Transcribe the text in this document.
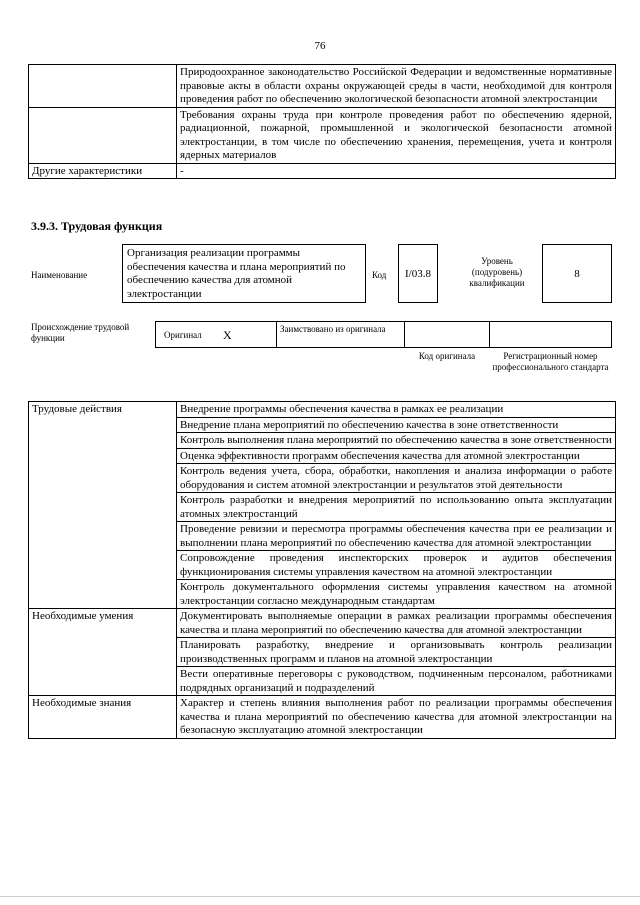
76
	Природоохранное законодательство Российской Федерации и ведомственные нормативные правовые акты в области охраны окружающей среды в части, необходимой для контроля проведения работ по обеспечению экологической безопасности атомной электростанции
	Требования охраны труда при контроле проведения работ по обеспечению ядерной, радиационной, пожарной, промышленной и экологической безопасности атомной электростанции, в том числе по обеспечению хранения, перемещения, учета и контроля ядерных материалов
Другие характеристики	-
3.9.3. Трудовая функция
Наименование
Организация реализации программы обеспечения качества и плана мероприятий по обеспечению качества для атомной электростанции
Код I/03.8
Уровень (подуровень) квалификации
8
Происхождение трудовой функции	Оригинал X	Заимствовано из оригинала
Код оригинала	Регистрационный номер профессионального стандарта
Трудовые действия	Внедрение программы обеспечения качества в рамках ее реализации
	Внедрение плана мероприятий по обеспечению качества в зоне ответственности
	Контроль выполнения плана мероприятий по обеспечению качества в зоне ответственности
	Оценка эффективности программ обеспечения качества для атомной электростанции
	Контроль ведения учета, сбора, обработки, накопления и анализа информации о работе оборудования и систем атомной электростанции и результатов этой деятельности
	Контроль разработки и внедрения мероприятий по использованию опыта эксплуатации атомных электростанций
	Проведение ревизии и пересмотра программы обеспечения качества при ее реализации и выполнении плана мероприятий по обеспечению качества для атомной электростанции
	Сопровождение проведения инспекторских проверок и аудитов обеспечения функционирования системы управления качеством на атомной электростанции
	Контроль документального оформления системы управления качеством на атомной электростанции согласно международным стандартам
Необходимые умения	Документировать выполняемые операции в рамках реализации программы обеспечения качества и плана мероприятий по обеспечению качества для атомной электростанции
	Планировать разработку, внедрение и организовывать контроль реализации производственных программ и планов на атомной электростанции
	Вести оперативные переговоры с руководством, подчиненным персоналом, работниками подрядных организаций и подразделений
Необходимые знания	Характер и степень влияния выполнения работ по реализации программы обеспечения качества и плана мероприятий по обеспечению качества для атомной электростанции на безопасную эксплуатацию атомной электростанции
